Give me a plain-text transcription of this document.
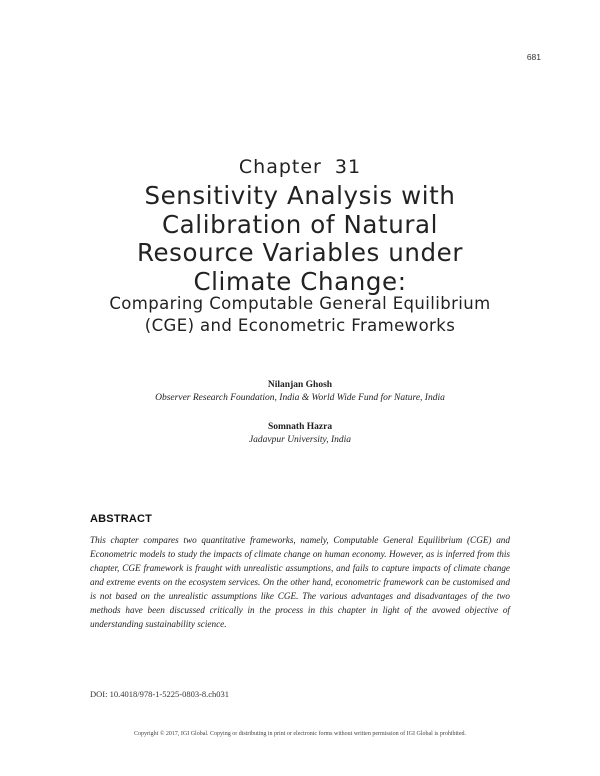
681
Chapter 31
Sensitivity Analysis with Calibration of Natural Resource Variables under Climate Change:
Comparing Computable General Equilibrium (CGE) and Econometric Frameworks
Nilanjan Ghosh
Observer Research Foundation, India & World Wide Fund for Nature, India
Somnath Hazra
Jadavpur University, India
ABSTRACT

This chapter compares two quantitative frameworks, namely, Computable General Equilibrium (CGE) and Econometric models to study the impacts of climate change on human economy. However, as is inferred from this chapter, CGE framework is fraught with unrealistic assumptions, and fails to capture impacts of climate change and extreme events on the ecosystem services. On the other hand, econometric framework can be customised and is not based on the unrealistic assumptions like CGE. The various advantages and disadvantages of the two methods have been discussed critically in the process in this chapter in light of the avowed objective of understanding sustainability science.

DOI: 10.4018/978-1-5225-0803-8.ch031
Copyright © 2017, IGI Global. Copying or distributing in print or electronic forms without written permission of IGI Global is prohibited.
